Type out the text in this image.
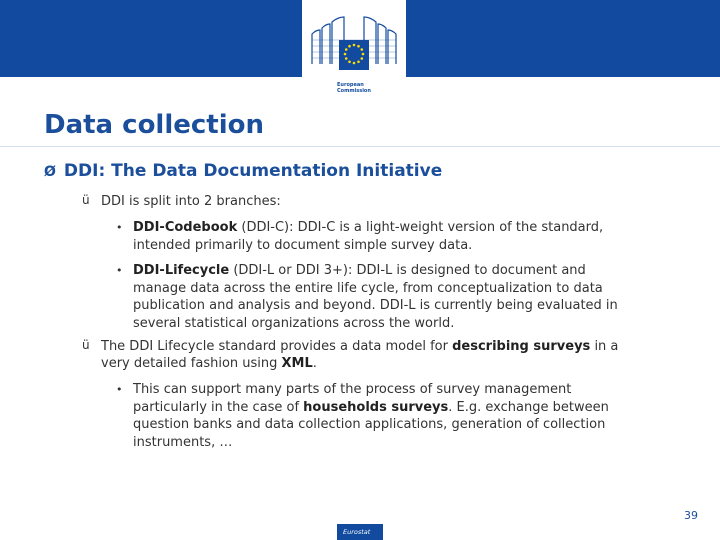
European
Commission
Data collection
Ø DDI: The Data Documentation Initiative
ü DDI is split into 2 branches:
• DDI-Codebook (DDI-C): DDI-C is a light-weight version of the standard,
intended primarily to document simple survey data.
• DDI-Lifecycle (DDI-L or DDI 3+): DDI-L is designed to document and
manage data across the entire life cycle, from conceptualization to data
publication and analysis and beyond. DDI-L is currently being evaluated in
several statistical organizations across the world.
ü The DDI Lifecycle standard provides a data model for describing surveys in a
very detailed fashion using XML.
• This can support many parts of the process of survey management
particularly in the case of households surveys. E.g. exchange between
question banks and data collection applications, generation of collection
instruments, …
39
Eurostat
